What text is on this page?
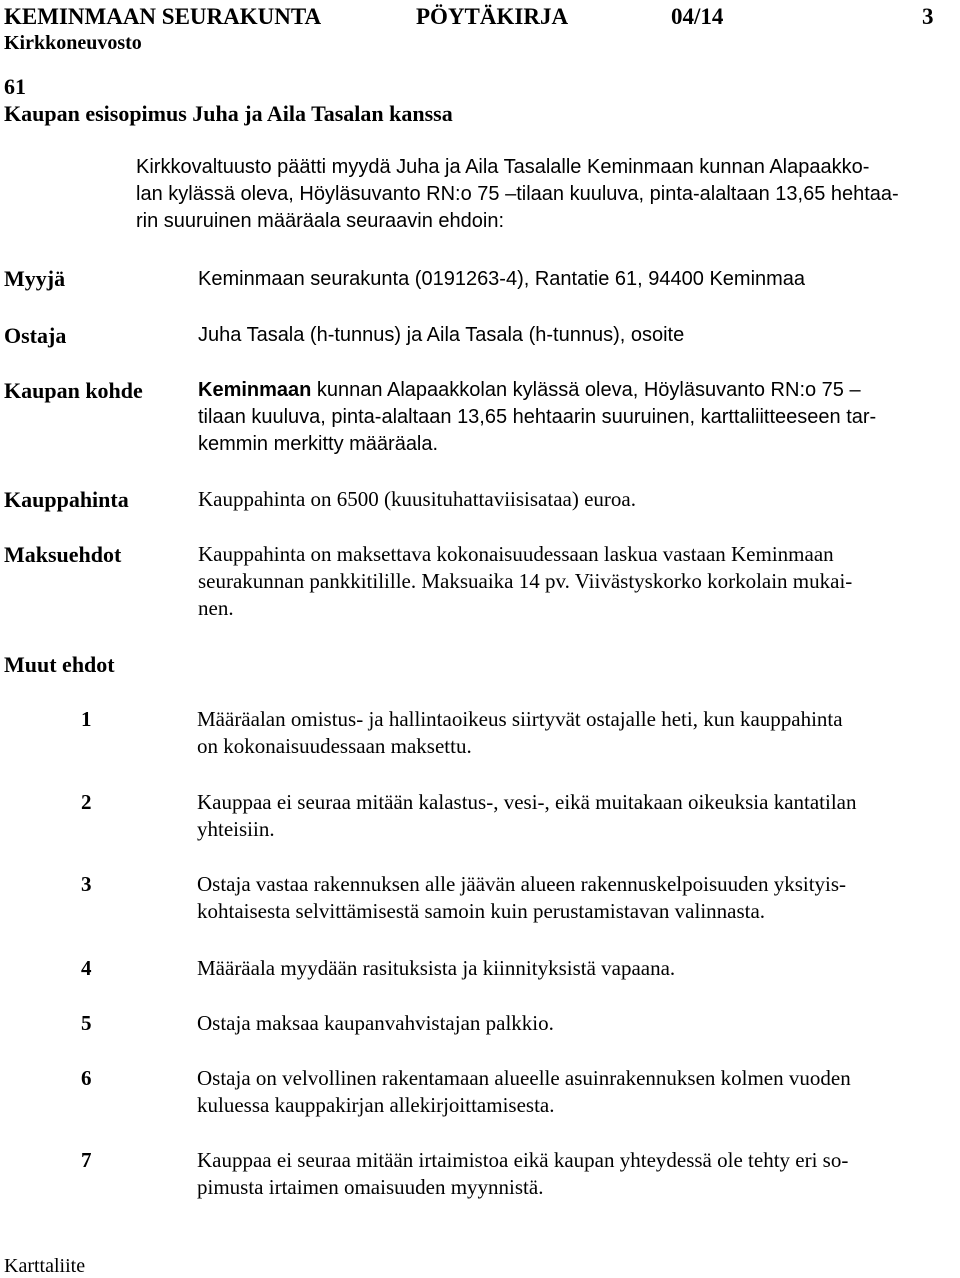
KEMINMAAN SEURAKUNTA	PÖYTÄKIRJA	04/14	3
Kirkkoneuvosto
61
Kaupan esisopimus Juha ja Aila Tasalan kanssa
Kirkkovaltuusto päätti myydä Juha ja Aila Tasalalle Keminmaan kunnan Alapaakko-
lan kylässä oleva, Höyläsuvanto RN:o 75 –tilaan kuuluva, pinta-alaltaan 13,65 hehtaa-
rin suuruinen määräala seuraavin ehdoin:
Myyjä	Keminmaan seurakunta (0191263-4), Rantatie 61, 94400 Keminmaa
Ostaja	Juha Tasala (h-tunnus) ja Aila Tasala (h-tunnus), osoite
Kaupan kohde	Keminmaan kunnan Alapaakkolan kylässä oleva, Höyläsuvanto RN:o 75 –
tilaan kuuluva, pinta-alaltaan 13,65 hehtaarin suuruinen, karttaliitteeseen tar-
kemmin merkitty määräala.
Kauppahinta	Kauppahinta on 6500 (kuusituhattaviisisataa) euroa.
Maksuehdot	Kauppahinta on maksettava kokonaisuudessaan laskua vastaan Keminmaan
seurakunnan pankkitilille. Maksuaika 14 pv. Viivästyskorko korkolain mukai-
nen.
Muut ehdot
1	Määräalan omistus- ja hallintaoikeus siirtyvät ostajalle heti, kun kauppahinta
on kokonaisuudessaan maksettu.
2	Kauppaa ei seuraa mitään kalastus-, vesi-, eikä muitakaan oikeuksia kantatilan
yhteisiin.
3	Ostaja vastaa rakennuksen alle jäävän alueen rakennuskelpoisuuden yksityis-
kohtaisesta selvittämisestä samoin kuin perustamistavan valinnasta.
4	Määräala myydään rasituksista ja kiinnityksistä vapaana.
5	Ostaja maksaa kaupanvahvistajan palkkio.
6	Ostaja on velvollinen rakentamaan alueelle asuinrakennuksen kolmen vuoden
kuluessa kauppakirjan allekirjoittamisesta.
7	Kauppaa ei seuraa mitään irtaimistoa eikä kaupan yhteydessä ole tehty eri so-
pimusta irtaimen omaisuuden myynnistä.
Karttaliite
